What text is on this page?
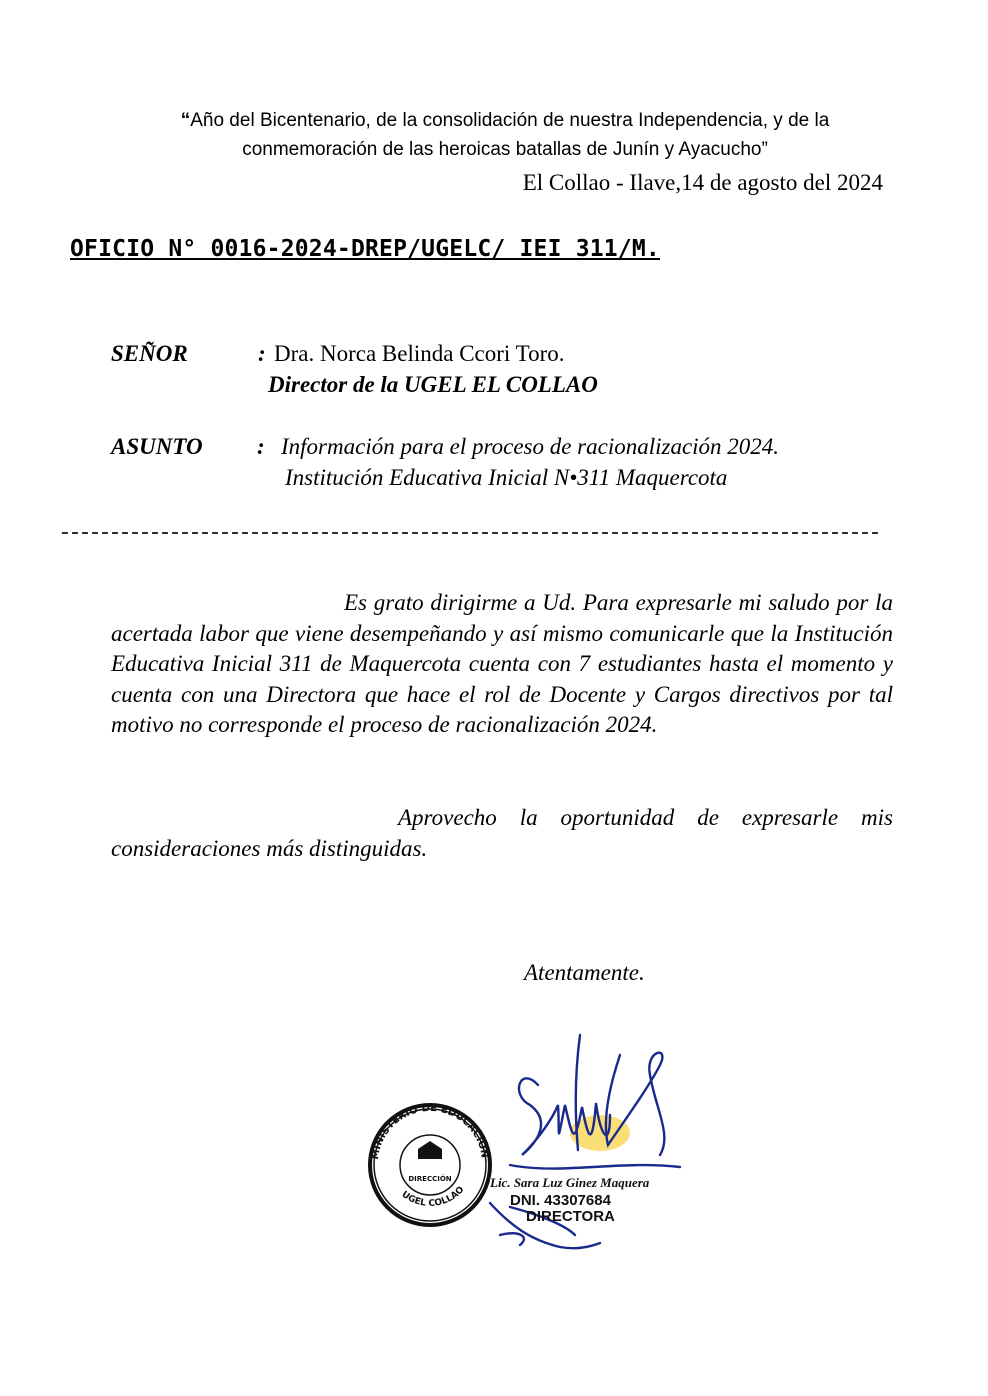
“Año del Bicentenario, de la consolidación de nuestra Independencia, y de la
conmemoración de las heroicas batallas de Junín y Ayacucho”
El Collao - Ilave,14 de agosto del 2024
OFICIO N° 0016-2024-DREP/UGELC/ IEI 311/M.
SEÑOR	: Dra. Norca Belinda Ccori Toro.
Director de la UGEL EL COLLAO
ASUNTO : Información para el proceso de racionalización 2024.
Institución Educativa Inicial N•311 Maquercota
Es grato dirigirme a Ud. Para expresarle mi saludo por la acertada labor que viene desempeñando y así mismo comunicarle que la Institución Educativa Inicial 311 de Maquercota cuenta con 7 estudiantes hasta el momento y cuenta con una Directora que hace el rol de Docente y Cargos directivos por tal motivo no corresponde el proceso de racionalización 2024.
Aprovecho la oportunidad de expresarle mis consideraciones más distinguidas.
Atentamente.
MINISTERIO DE EDUCACIÓN
UGEL COLLAO
DIRECCIÓN	Lic. Sara Luz Ginez Maquera
DNI. 43307684
DIRECTORA
